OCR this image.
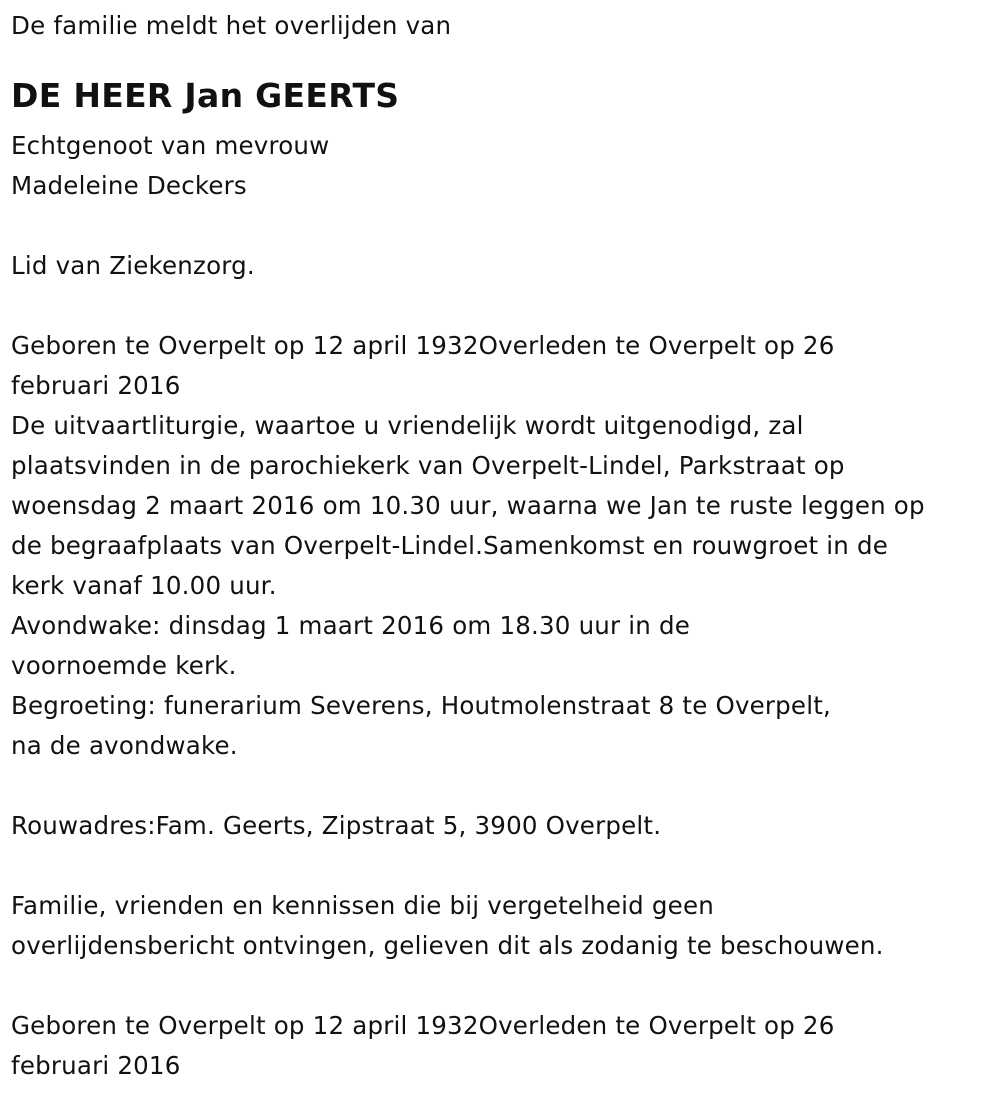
De familie meldt het overlijden van
DE HEER Jan GEERTS
Echtgenoot van mevrouw
Madeleine Deckers
Lid van Ziekenzorg.
Geboren te Overpelt op 12 april 1932Overleden te Overpelt op 26
februari 2016
De uitvaartliturgie, waartoe u vriendelijk wordt uitgenodigd, zal
plaatsvinden in de parochiekerk van Overpelt-Lindel, Parkstraat op
woensdag 2 maart 2016 om 10.30 uur, waarna we Jan te ruste leggen op
de begraafplaats van Overpelt-Lindel.Samenkomst en rouwgroet in de
kerk vanaf 10.00 uur.
Avondwake: dinsdag 1 maart 2016 om 18.30 uur in de
voornoemde kerk.
Begroeting: funerarium Severens, Houtmolenstraat 8 te Overpelt,
na de avondwake.
Rouwadres:Fam. Geerts, Zipstraat 5, 3900 Overpelt.
Familie, vrienden en kennissen die bij vergetelheid geen
overlijdensbericht ontvingen, gelieven dit als zodanig te beschouwen.
Geboren te Overpelt op 12 april 1932Overleden te Overpelt op 26
februari 2016
